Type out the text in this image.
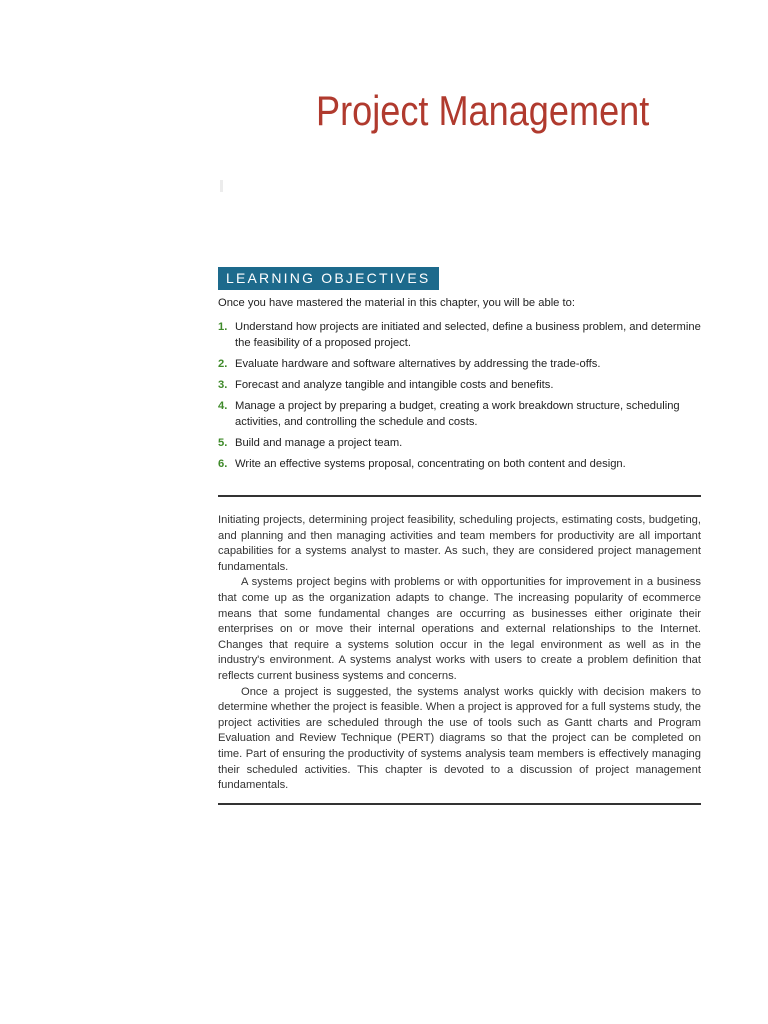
Project Management
LEARNING OBJECTIVES

Once you have mastered the material in this chapter, you will be able to:

1. Understand how projects are initiated and selected, define a business problem, and determine the feasibility of a proposed project.
2. Evaluate hardware and software alternatives by addressing the trade-offs.
3. Forecast and analyze tangible and intangible costs and benefits.
4. Manage a project by preparing a budget, creating a work breakdown structure, scheduling activities, and controlling the schedule and costs.
5. Build and manage a project team.
6. Write an effective systems proposal, concentrating on both content and design.

Initiating projects, determining project feasibility, scheduling projects, estimating costs, budgeting, and planning and then managing activities and team members for productivity are all important capabilities for a systems analyst to master. As such, they are considered project management fundamentals.

A systems project begins with problems or with opportunities for improvement in a business that come up as the organization adapts to change. The increasing popularity of ecommerce means that some fundamental changes are occurring as businesses either originate their enterprises on or move their internal operations and external relationships to the Internet. Changes that require a systems solution occur in the legal environment as well as in the industry's environment. A systems analyst works with users to create a problem definition that reflects current business systems and concerns.

Once a project is suggested, the systems analyst works quickly with decision makers to determine whether the project is feasible. When a project is approved for a full systems study, the project activities are scheduled through the use of tools such as Gantt charts and Program Evaluation and Review Technique (PERT) diagrams so that the project can be completed on time. Part of ensuring the productivity of systems analysis team members is effectively managing their scheduled activities. This chapter is devoted to a discussion of project management fundamentals.
